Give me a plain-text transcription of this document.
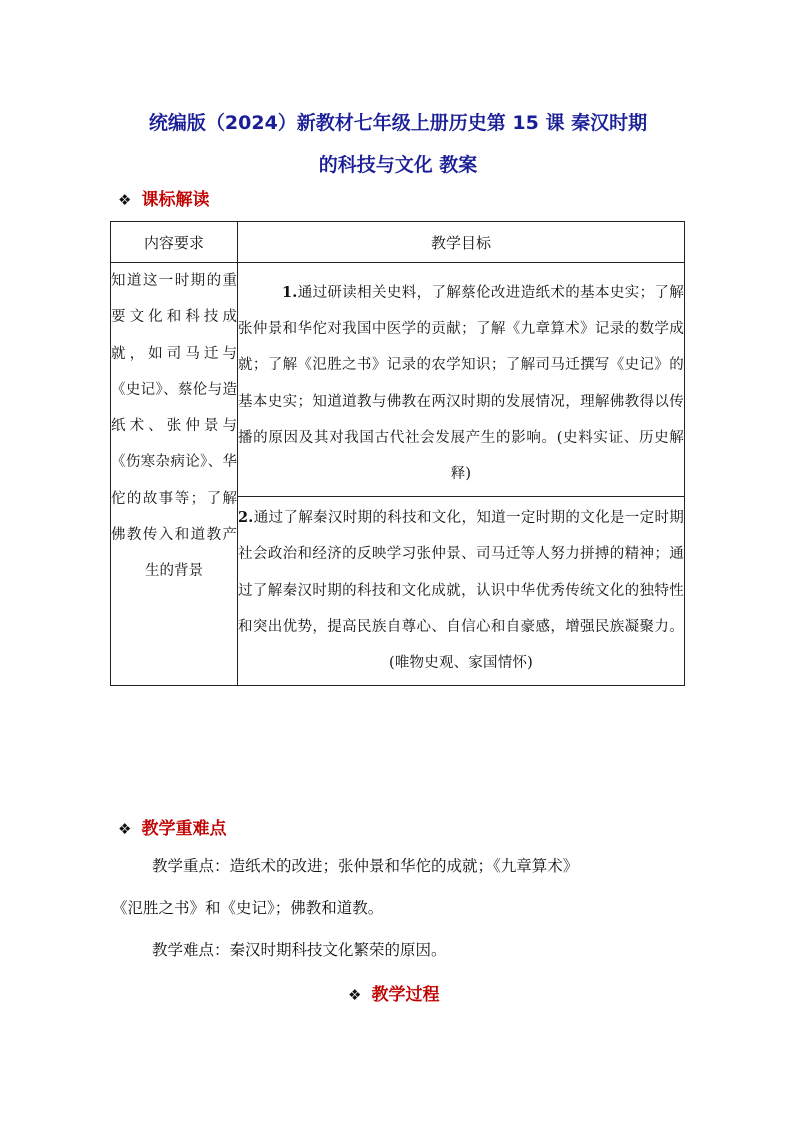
统编版（2024）新教材七年级上册历史第 15 课 秦汉时期
的科技与文化 教案
❖ 课标解读
内容要求	教学目标
知道这一时期的重要文化和科技成就，如司马迁与《史记》、蔡伦与造纸术、张仲景与《伤寒杂病论》、华佗的故事等；了解佛教传入和道教产生的背景	1.通过研读相关史料，了解蔡伦改进造纸术的基本史实；了解张仲景和华佗对我国中医学的贡献；了解《九章算术》记录的数学成就；了解《氾胜之书》记录的农学知识；了解司马迁撰写《史记》的基本史实；知道道教与佛教在两汉时期的发展情况，理解佛教得以传播的原因及其对我国古代社会发展产生的影响。(史料实证、历史解释)
	2.通过了解秦汉时期的科技和文化，知道一定时期的文化是一定时期社会政治和经济的反映学习张仲景、司马迁等人努力拼搏的精神；通过了解秦汉时期的科技和文化成就，认识中华优秀传统文化的独特性和突出优势，提高民族自尊心、自信心和自豪感，增强民族凝聚力。(唯物史观、家国情怀)
❖ 教学重难点
教学重点：造纸术的改进；张仲景和华佗的成就；《九章算术》
《氾胜之书》和《史记》；佛教和道教。
教学难点：秦汉时期科技文化繁荣的原因。
❖ 教学过程
